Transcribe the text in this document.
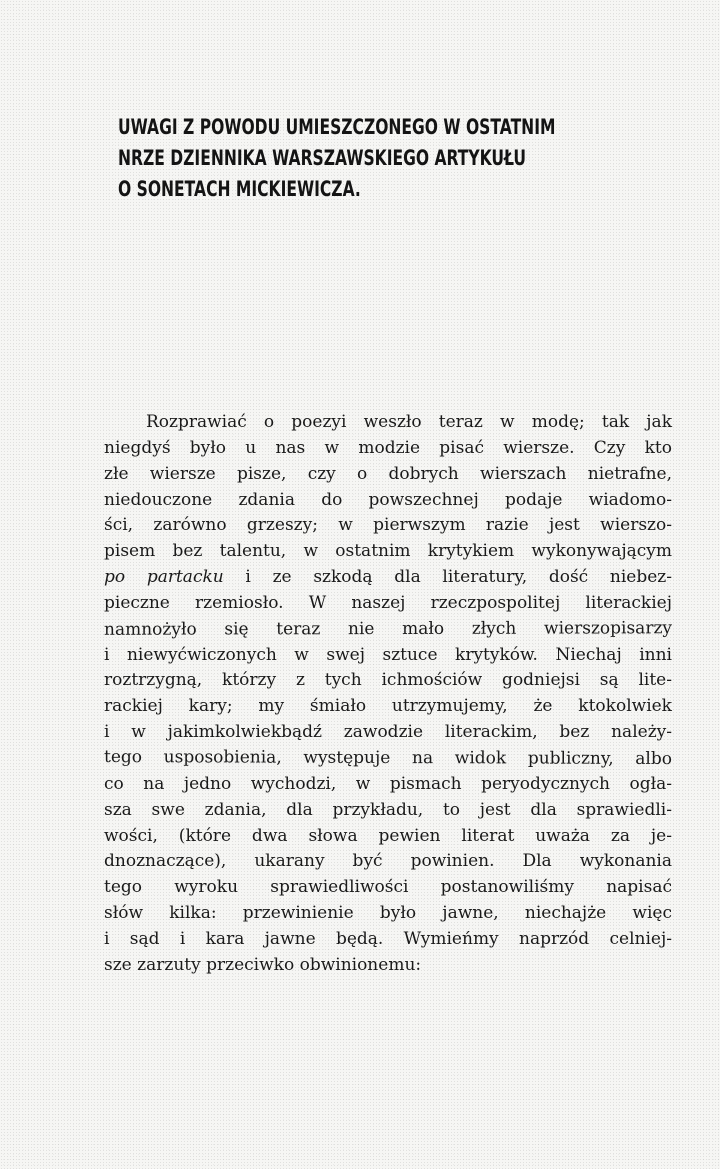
UWAGI Z POWODU UMIESZCZONEGO W OSTATNIM
NRZE DZIENNIKA WARSZAWSKIEGO ARTYKUŁU
O SONETACH MICKIEWICZA.
Rozprawiać o poezyi weszło teraz w modę; tak jak
niegdyś było u nas w modzie pisać wiersze. Czy kto
złe wiersze pisze, czy o dobrych wierszach nietrafne,
niedouczone zdania do powszechnej podaje wiadomo-
ści, zarówno grzeszy; w pierwszym razie jest wierszo-
pisem bez talentu, w ostatnim krytykiem wykonywającym
po partacku i ze szkodą dla literatury, dość niebez-
pieczne rzemiosło. W naszej rzeczpospolitej literackiej
namnożyło się teraz nie mało złych wierszopisarzy
i niewyćwiczonych w swej sztuce krytyków. Niechaj inni
roztrzygną, którzy z tych ichmościów godniejsi są lite-
rackiej kary; my śmiało utrzymujemy, że ktokolwiek
i w jakimkolwiekbądź zawodzie literackim, bez należy-
tego usposobienia, występuje na widok publiczny, albo
co na jedno wychodzi, w pismach peryodycznych ogła-
sza swe zdania, dla przykładu, to jest dla sprawiedli-
wości, (które dwa słowa pewien literat uważa za je-
dnoznaczące), ukarany być powinien. Dla wykonania
tego wyroku sprawiedliwości postanowiliśmy napisać
słów kilka: przewinienie było jawne, niechajże więc
i sąd i kara jawne będą. Wymieńmy naprzód celniej-
sze zarzuty przeciwko obwinionemu:
